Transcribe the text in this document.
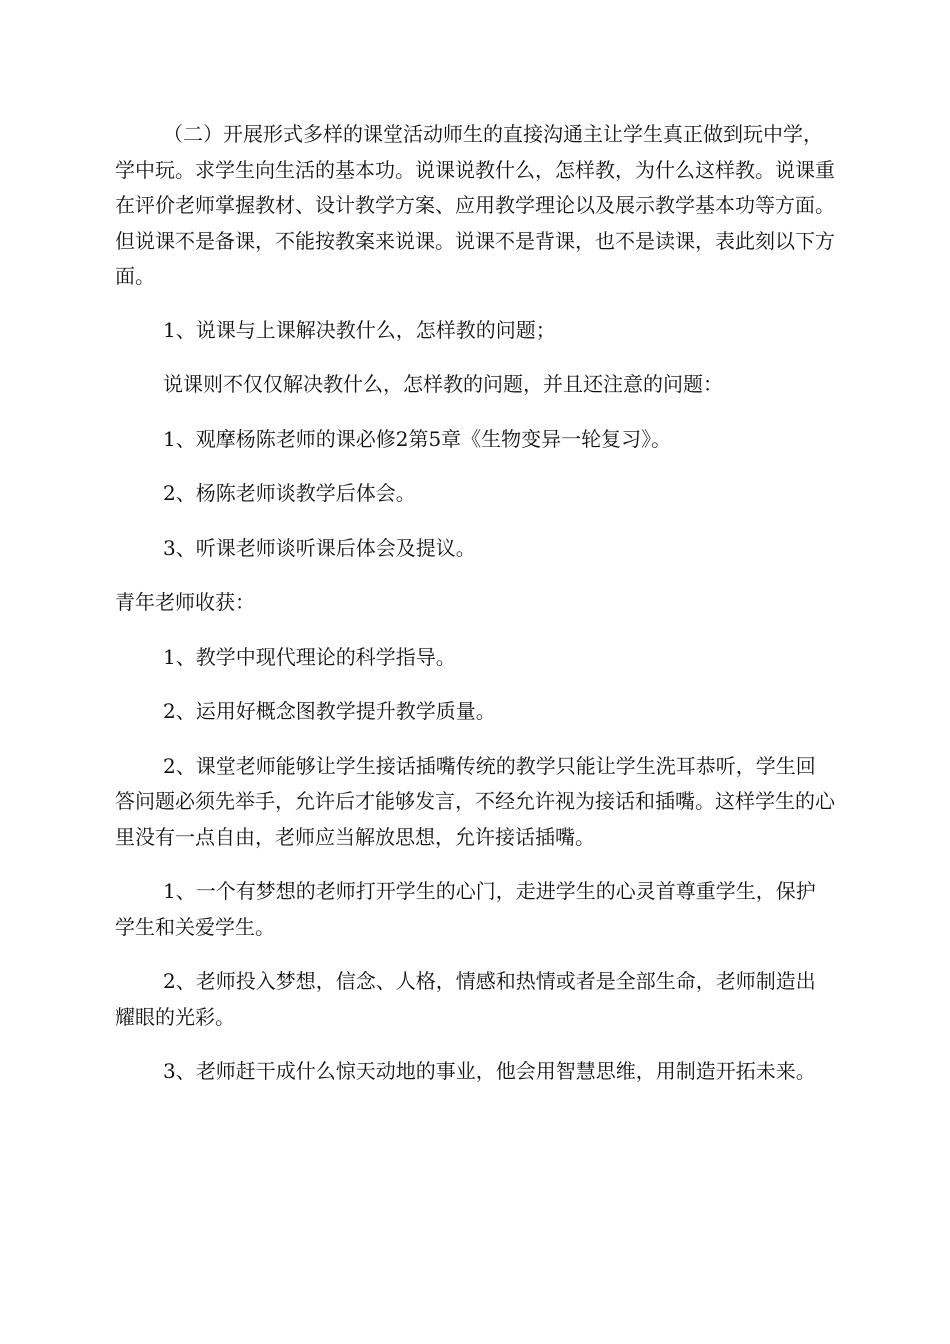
（二）开展形式多样的课堂活动师生的直接沟通主让学生真正做到玩中学，学中玩。求学生向生活的基本功。说课说教什么，怎样教，为什么这样教。说课重在评价老师掌握教材、设计教学方案、应用教学理论以及展示教学基本功等方面。但说课不是备课，不能按教案来说课。说课不是背课，也不是读课，表此刻以下方面。

1、说课与上课解决教什么，怎样教的问题；

说课则不仅仅解决教什么，怎样教的问题，并且还注意的问题：

1、观摩杨陈老师的课必修2第5章《生物变异一轮复习》。

2、杨陈老师谈教学后体会。

3、听课老师谈听课后体会及提议。

青年老师收获：

1、教学中现代理论的科学指导。

2、运用好概念图教学提升教学质量。

2、课堂老师能够让学生接话插嘴传统的教学只能让学生洗耳恭听，学生回答问题必须先举手，允许后才能够发言，不经允许视为接话和插嘴。这样学生的心里没有一点自由，老师应当解放思想，允许接话插嘴。

1、一个有梦想的老师打开学生的心门，走进学生的心灵首尊重学生，保护学生和关爱学生。

2、老师投入梦想，信念、人格，情感和热情或者是全部生命，老师制造出耀眼的光彩。

3、老师赶干成什么惊天动地的事业，他会用智慧思维，用制造开拓未来。
